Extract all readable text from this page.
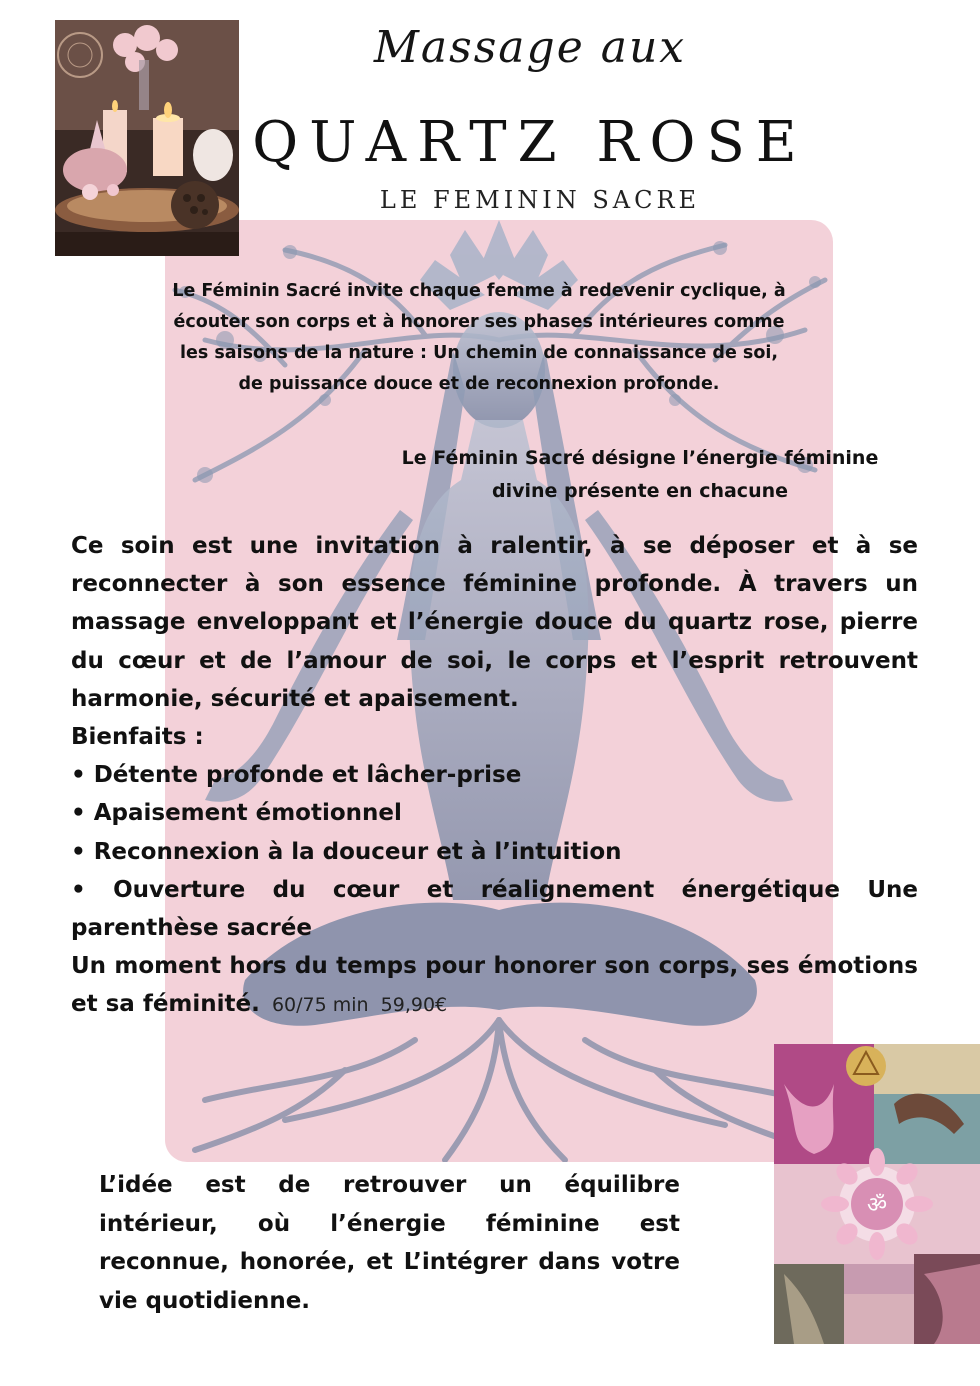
Massage aux
QUARTZ ROSE
LE FEMININ SACRE
Le Féminin Sacré invite chaque femme à redevenir cyclique, à
écouter son corps et à honorer ses phases intérieures comme
les saisons de la nature : Un chemin de connaissance de soi,
de puissance douce et de reconnexion profonde.
Le Féminin Sacré désigne l’énergie féminine
divine présente en chacune

Ce soin est une invitation à ralentir, à se déposer et à se reconnecter à son essence féminine profonde. À travers un massage enveloppant et l’énergie douce du quartz rose, pierre du cœur et de l’amour de soi, le corps et l’esprit retrouvent harmonie, sécurité et apaisement.

Bienfaits :

• Détente profonde et lâcher-prise

• Apaisement émotionnel

• Reconnexion à la douceur et à l’intuition

• Ouverture du cœur et réalignement énergétique Une parenthèse sacrée

Un moment hors du temps pour honorer son corps, ses émotions et sa féminité.  60/75 min  59,90€

L’idée est de retrouver un équilibre intérieur, où l’énergie féminine est reconnue, honorée, et L’intégrer dans votre vie quotidienne.
ॐ
